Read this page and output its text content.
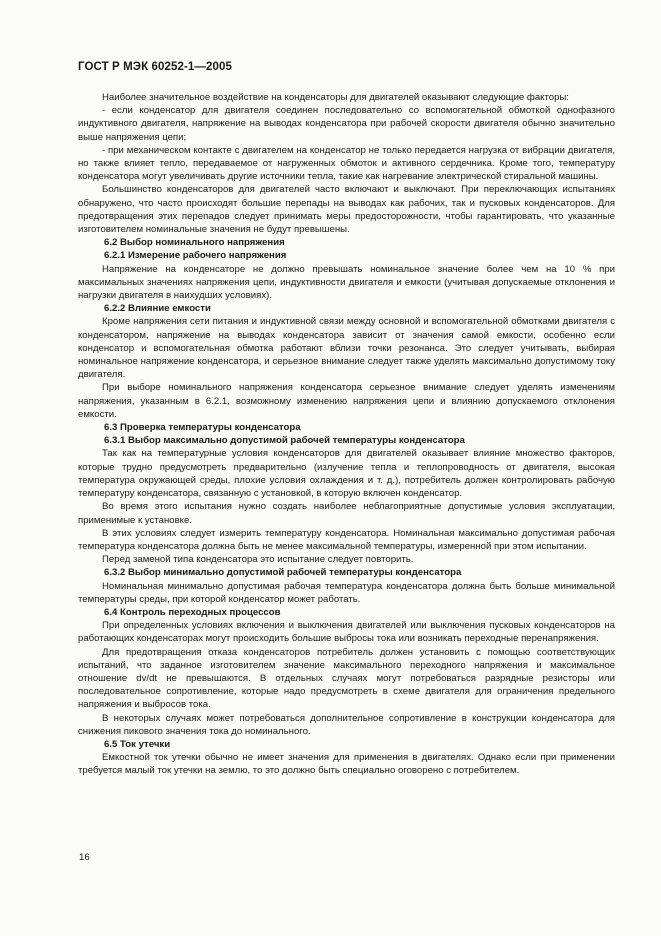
ГОСТ Р МЭК 60252-1—2005

Наиболее значительное воздействие на конденсаторы для двигателей оказывают следующие факторы:

- если конденсатор для двигателя соединен последовательно со вспомогательной обмоткой однофазного индуктивного двигателя, напряжение на выводах конденсатора при рабочей скорости двигателя обычно значительно выше напряжения цепи;

- при механическом контакте с двигателем на конденсатор не только передается нагрузка от вибрации двигателя, но также влияет тепло, передаваемое от нагруженных обмоток и активного сердечника. Кроме того, температуру конденсатора могут увеличивать другие источники тепла, такие как нагревание электрической стиральной машины.

Большинство конденсаторов для двигателей часто включают и выключают. При переключающих испытаниях обнаружено, что часто происходят большие перепады на выводах как рабочих, так и пусковых конденсаторов. Для предотвращения этих перепадов следует принимать меры предосторожности, чтобы гарантировать, что указанные изготовителем номинальные значения не будут превышены.

6.2 Выбор номинального напряжения

6.2.1 Измерение рабочего напряжения

Напряжение на конденсаторе не должно превышать номинальное значение более чем на 10 % при максимальных значениях напряжения цепи, индуктивности двигателя и емкости (учитывая допускаемые отклонения и нагрузки двигателя в наихудших условиях).

6.2.2 Влияние емкости

Кроме напряжения сети питания и индуктивной связи между основной и вспомогательной обмотками двигателя с конденсатором, напряжение на выводах конденсатора зависит от значения самой емкости, особенно если конденсатор и вспомогательная обмотка работают вблизи точки резонанса. Это следует учитывать, выбирая номинальное напряжение конденсатора, и серьезное внимание следует также уделять максимально допустимому току двигателя.

При выборе номинального напряжения конденсатора серьезное внимание следует уделять изменениям напряжения, указанным в 6.2.1, возможному изменению напряжения цепи и влиянию допускаемого отклонения емкости.

6.3 Проверка температуры конденсатора

6.3.1 Выбор максимально допустимой рабочей температуры конденсатора

Так как на температурные условия конденсаторов для двигателей оказывает влияние множество факторов, которые трудно предусмотреть предварительно (излучение тепла и теплопроводность от двигателя, высокая температура окружающей среды, плохие условия охлаждения и т. д.), потребитель должен контролировать рабочую температуру конденсатора, связанную с установкой, в которую включен конденсатор.

Во время этого испытания нужно создать наиболее неблагоприятные допустимые условия эксплуатации, применимые к установке.

В этих условиях следует измерить температуру конденсатора. Номинальная максимально допустимая рабочая температура конденсатора должна быть не менее максимальной температуры, измеренной при этом испытании.

Перед заменой типа конденсатора это испытание следует повторить.

6.3.2 Выбор минимально допустимой рабочей температуры конденсатора

Номинальная минимально допустимая рабочая температура конденсатора должна быть больше минимальной температуры среды, при которой конденсатор может работать.

6.4 Контроль переходных процессов

При определенных условиях включения и выключения двигателей или выключения пусковых конденсаторов на работающих конденсаторах могут происходить большие выбросы тока или возникать переходные перенапряжения.

Для предотвращения отказа конденсаторов потребитель должен установить с помощью соответствующих испытаний, что заданное изготовителем значение максимального переходного напряжения и максимальное отношение dv/dt не превышаются. В отдельных случаях могут потребоваться разрядные резисторы или последовательное сопротивление, которые надо предусмотреть в схеме двигателя для ограничения предельного напряжения и выбросов тока.

В некоторых случаях может потребоваться дополнительное сопротивление в конструкции конденсатора для снижения пикового значения тока до номинального.

6.5 Ток утечки

Емкостной ток утечки обычно не имеет значения для применения в двигателях. Однако если при применении требуется малый ток утечки на землю, то это должно быть специально оговорено с потребителем.

16
